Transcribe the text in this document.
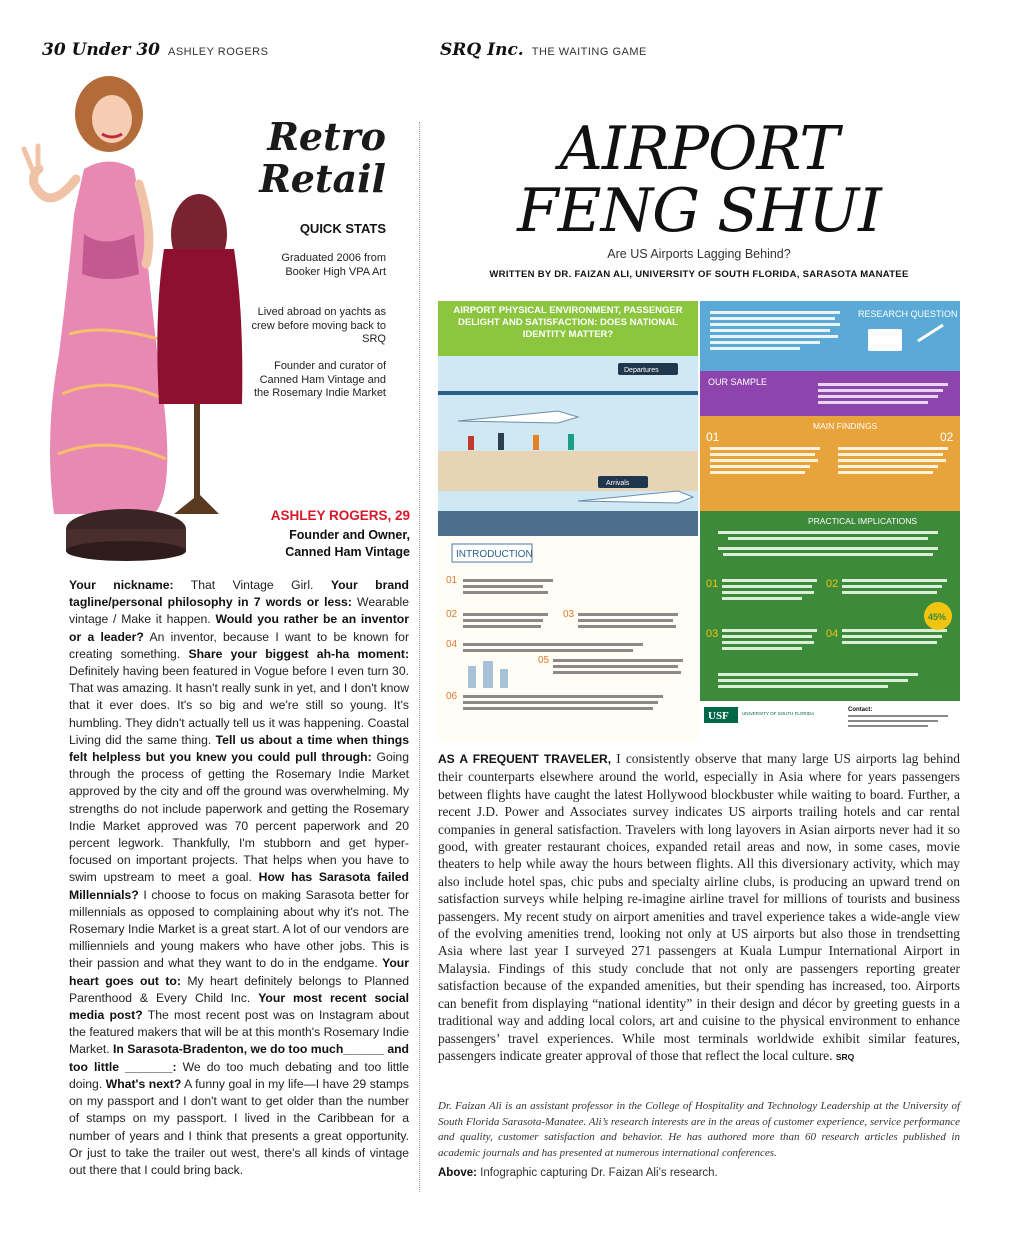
30 Under 30 ASHLEY ROGERS	SRQ Inc. THE WAITING GAME
Retro
Retail
QUICK STATS
Graduated 2006 from Booker High VPA Art
Lived abroad on yachts as crew before moving back to SRQ
Founder and curator of Canned Ham Vintage and the Rosemary Indie Market
ASHLEY ROGERS, 29
Founder and Owner, Canned Ham Vintage
Your nickname: That Vintage Girl. Your brand tagline/personal philosophy in 7 words or less: Wearable vintage / Make it happen. Would you rather be an inventor or a leader? An inventor, because I want to be known for creating something. Share your biggest ah-ha moment: Definitely having been featured in Vogue before I even turn 30. That was amazing. It hasn't really sunk in yet, and I don't know that it ever does. It's so big and we're still so young. It's humbling. They didn't actually tell us it was happening. Coastal Living did the same thing. Tell us about a time when things felt helpless but you knew you could pull through: Going through the process of getting the Rosemary Indie Market approved by the city and off the ground was overwhelming. My strengths do not include paperwork and getting the Rosemary Indie Market approved was 70 percent paperwork and 20 percent legwork. Thankfully, I'm stubborn and get hyper-focused on important projects. That helps when you have to swim upstream to meet a goal. How has Sarasota failed Millennials? I choose to focus on making Sarasota better for millennials as opposed to complaining about why it's not. The Rosemary Indie Market is a great start. A lot of our vendors are millienniels and young makers who have other jobs. This is their passion and what they want to do in the endgame. Your heart goes out to: My heart definitely belongs to Planned Parenthood & Every Child Inc. Your most recent social media post? The most recent post was on Instagram about the featured makers that will be at this month's Rosemary Indie Market. In Sarasota-Bradenton, we do too much______ and too little _______: We do too much debating and too little doing. What's next? A funny goal in my life—I have 29 stamps on my passport and I don't want to get older than the number of stamps on my passport. I lived in the Caribbean for a number of years and I think that presents a great opportunity. Or just to take the trailer out west, there's all kinds of vintage out there that I could bring back.
AIRPORT
FENG SHUI
Are US Airports Lagging Behind?
WRITTEN BY DR. FAIZAN ALI, UNIVERSITY OF SOUTH FLORIDA, SARASOTA MANATEE
AIRPORT PHYSICAL ENVIRONMENT, PASSENGER DELIGHT AND SATISFACTION: DOES NATIONAL IDENTITY MATTER?
Departures
Arrivals
INTRODUCTION
01
02	03
04
05
06
RESEARCH QUESTION
OUR SAMPLE
MAIN FINDINGS
01	02
PRACTICAL IMPLICATIONS
01	02
03	04
45%
USF	UNIVERSITY OF SOUTH FLORIDA
Contact:
AS A FREQUENT TRAVELER, I consistently observe that many large US airports lag behind their counterparts elsewhere around the world, especially in Asia where for years passengers between flights have caught the latest Hollywood blockbuster while waiting to board. Further, a recent J.D. Power and Associates survey indicates US airports trailing hotels and car rental companies in general satisfaction. Travelers with long layovers in Asian airports never had it so good, with greater restaurant choices, expanded retail areas and now, in some cases, movie theaters to help while away the hours between flights. All this diversionary activity, which may also include hotel spas, chic pubs and specialty airline clubs, is producing an upward trend on satisfaction surveys while helping re-imagine airline travel for millions of tourists and business passengers. My recent study on airport amenities and travel experience takes a wide-angle view of the evolving amenities trend, looking not only at US airports but also those in trendsetting Asia where last year I surveyed 271 passengers at Kuala Lumpur International Airport in Malaysia. Findings of this study conclude that not only are passengers reporting greater satisfaction because of the expanded amenities, but their spending has increased, too. Airports can benefit from displaying “national identity” in their design and décor by greeting guests in a traditional way and adding local colors, art and cuisine to the physical environment to enhance passengers’ travel experiences. While most terminals worldwide exhibit similar features, passengers indicate greater approval of those that reflect the local culture. SRQ
Dr. Faizan Ali is an assistant professor in the College of Hospitality and Technology Leadership at the University of South Florida Sarasota-Manatee. Ali’s research interests are in the areas of customer experience, service performance and quality, customer satisfaction and behavior. He has authored more than 60 research articles published in academic journals and has presented at numerous international conferences.
Above: Infographic capturing Dr. Faizan Ali’s research.
